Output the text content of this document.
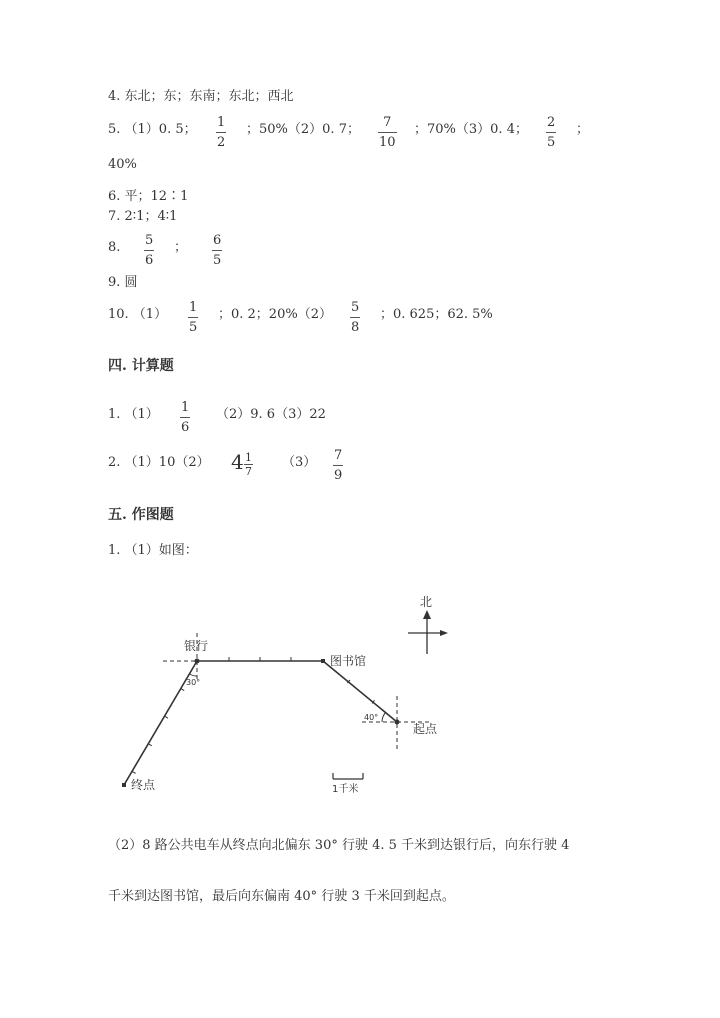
4. 东北；东；东南；东北；西北
5. （1）0. 5； $\frac{1}{2}$ ；50%（2）0. 7； $\frac{7}{10}$ ；70%（3）0. 4； $\frac{2}{5}$ ；
40%
6. 平；12∶1
7. 2∶1；4∶1
8. $\frac{5}{6}$ ； $\frac{6}{5}$
9. 圆
10. $(1) \frac{1}{5}$ ；0. 2；$20\%(2) \frac{5}{8}$ ；0. 625；62. 5%
四. 计算题
1. $(1) \frac{1}{6} (2)9$. 6（3）22
2. （1）10（2） $4 \frac{1}{7} (3) \frac{7}{9}$
五. 作图题
1. （1）如图：
北
银行
图书馆
起点
终点
30°
40°
1千米
（2）8 路公共电车从终点向北偏东 30° 行驶 4. 5 千米到达银行后，向东行驶 4
千米到达图书馆，最后向东偏南 40° 行驶 3 千米回到起点。
